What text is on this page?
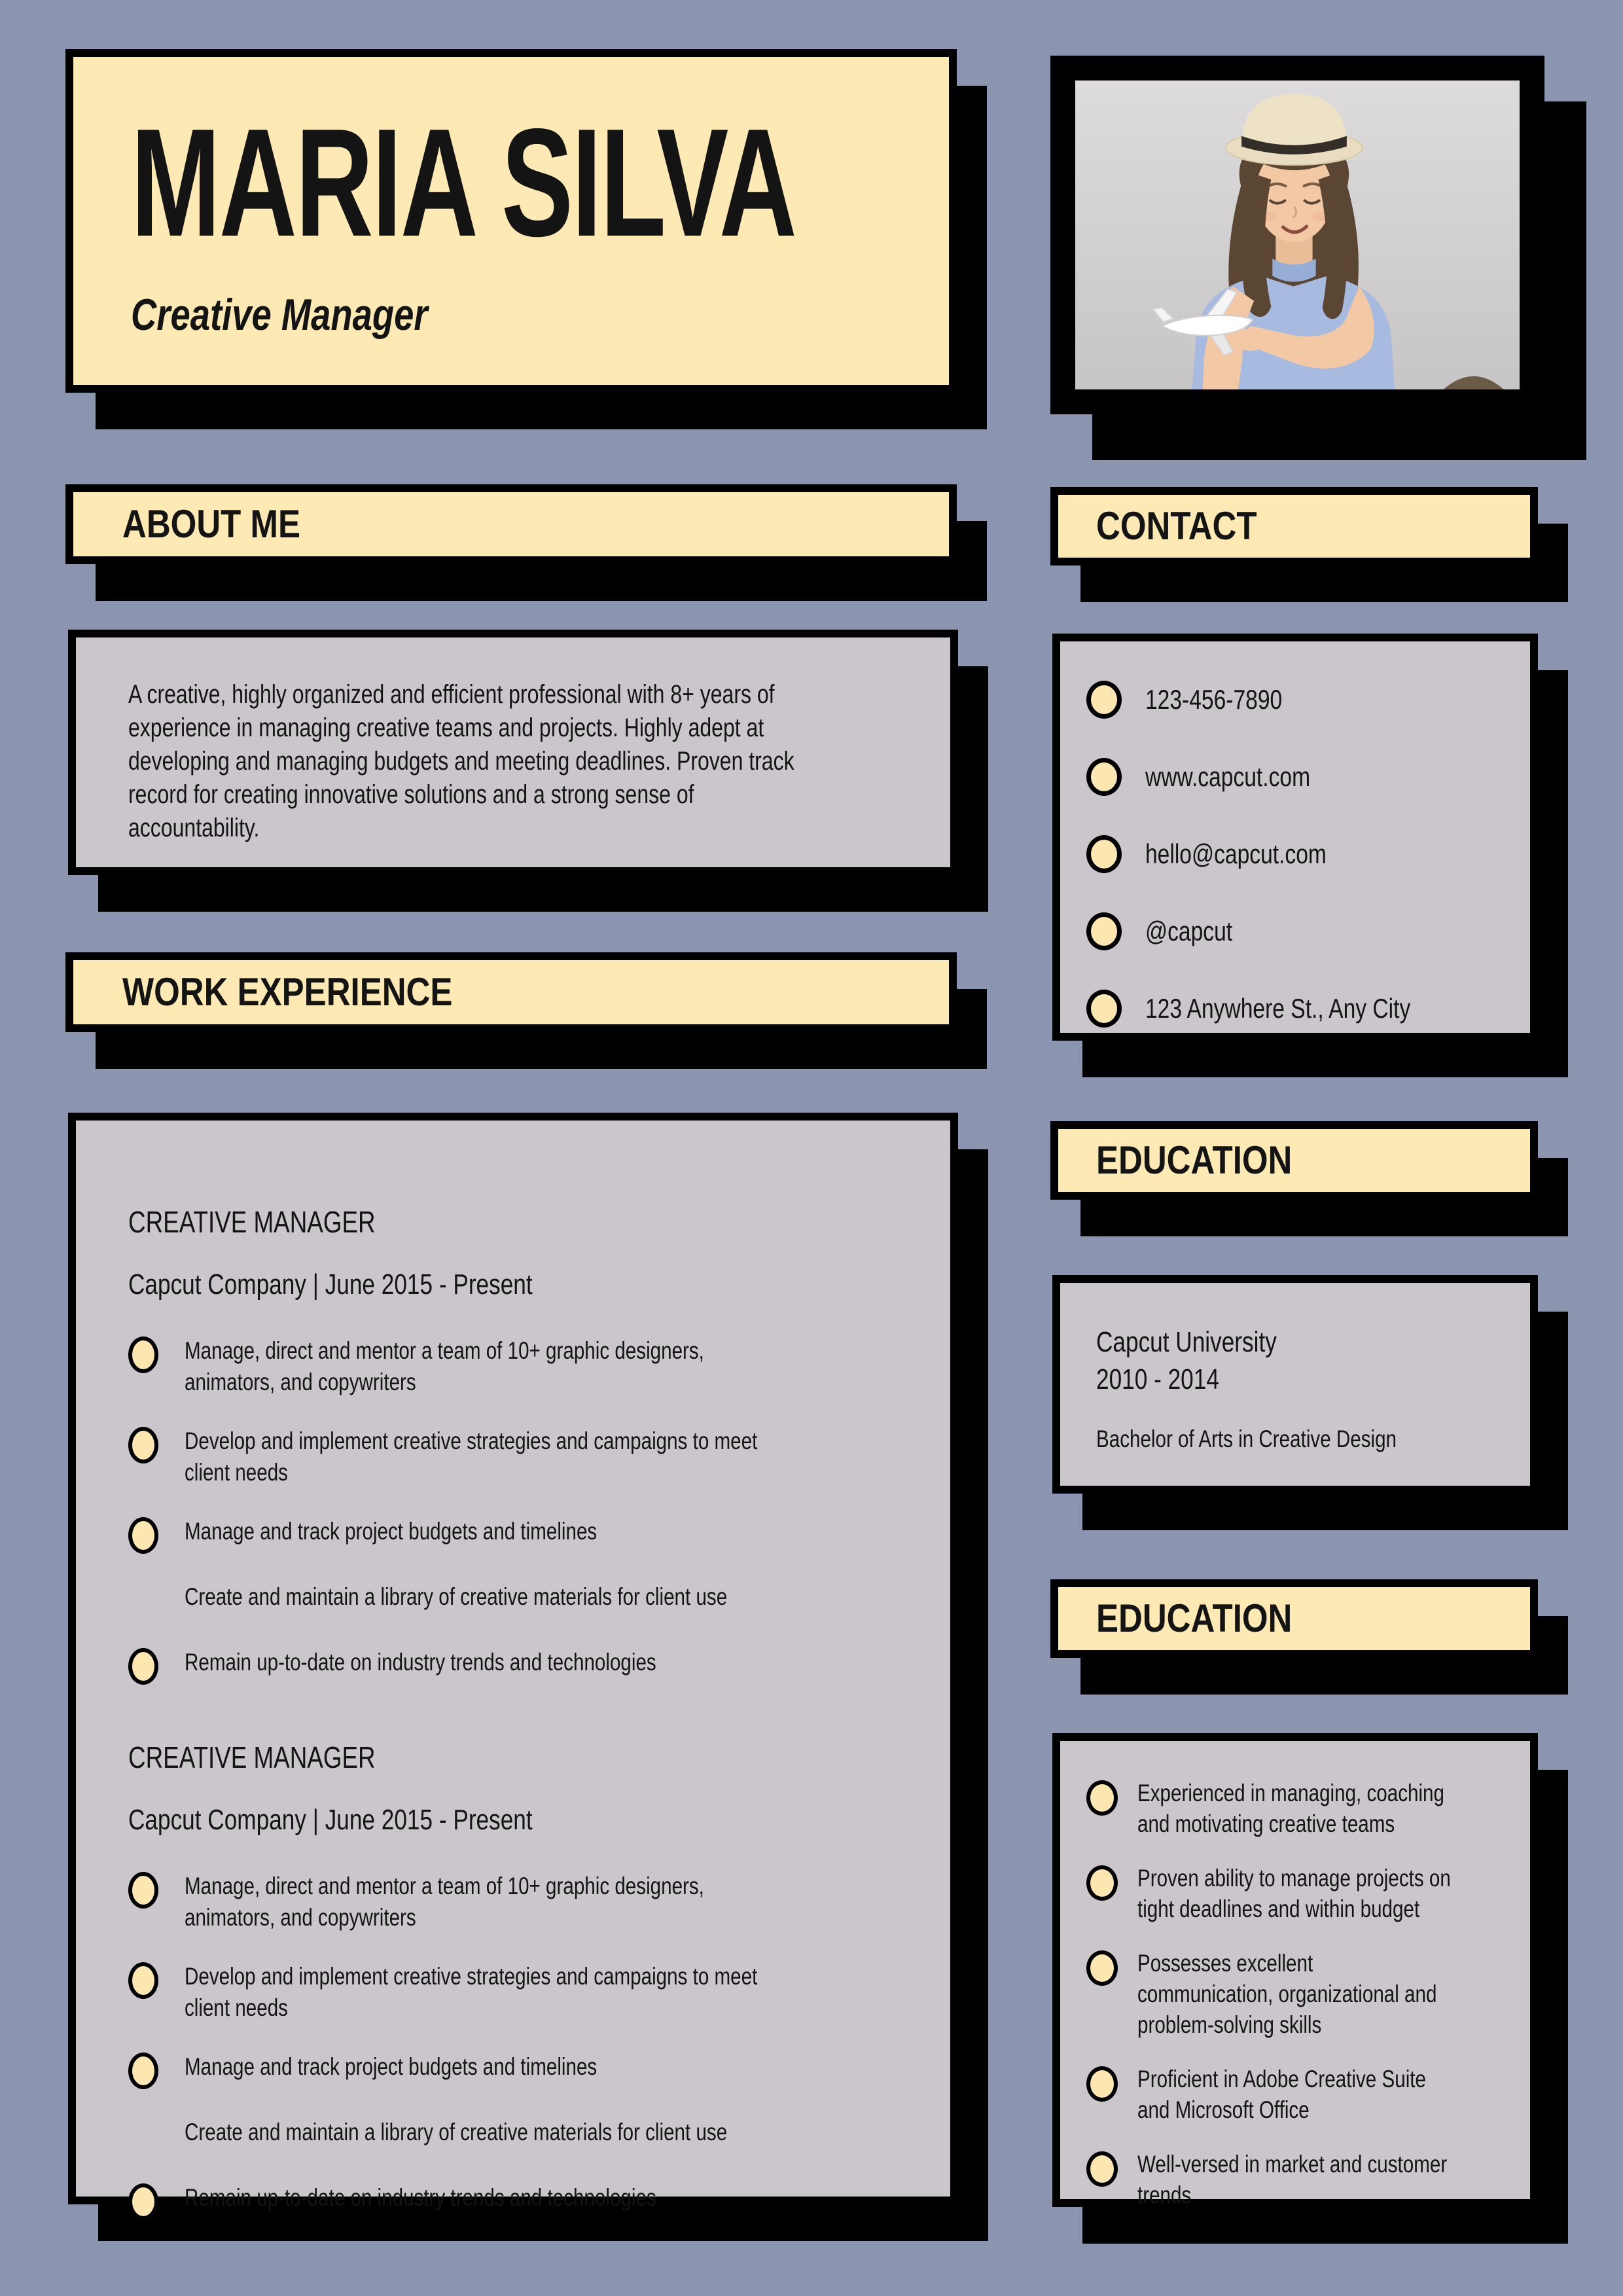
MARIA SILVA
Creative Manager
ABOUT ME

A creative, highly organized and efficient professional with 8+ years of experience in managing creative teams and projects. Highly adept at developing and managing budgets and meeting deadlines. Proven track record for creating innovative solutions and a strong sense of accountability.

CONTACT
123-456-7890
www.capcut.com
hello@capcut.com
@capcut
123 Anywhere St., Any City
WORK EXPERIENCE
CREATIVE MANAGER
Capcut Company | June 2015 - Present
Manage, direct and mentor a team of 10+ graphic designers, animators, and copywriters
Develop and implement creative strategies and campaigns to meet client needs
Manage and track project budgets and timelines
Create and maintain a library of creative materials for client use
Remain up-to-date on industry trends and technologies
CREATIVE MANAGER
Capcut Company | June 2015 - Present
Manage, direct and mentor a team of 10+ graphic designers, animators, and copywriters
Develop and implement creative strategies and campaigns to meet client needs
Manage and track project budgets and timelines
Create and maintain a library of creative materials for client use
Remain up-to-date on industry trends and technologies
EDUCATION
Capcut University
2010 - 2014
Bachelor of Arts in Creative Design
EDUCATION
Experienced in managing, coaching and motivating creative teams
Proven ability to manage projects on tight deadlines and within budget
Possesses excellent communication, organizational and problem-solving skills
Proficient in Adobe Creative Suite and Microsoft Office
Well-versed in market and customer trends
